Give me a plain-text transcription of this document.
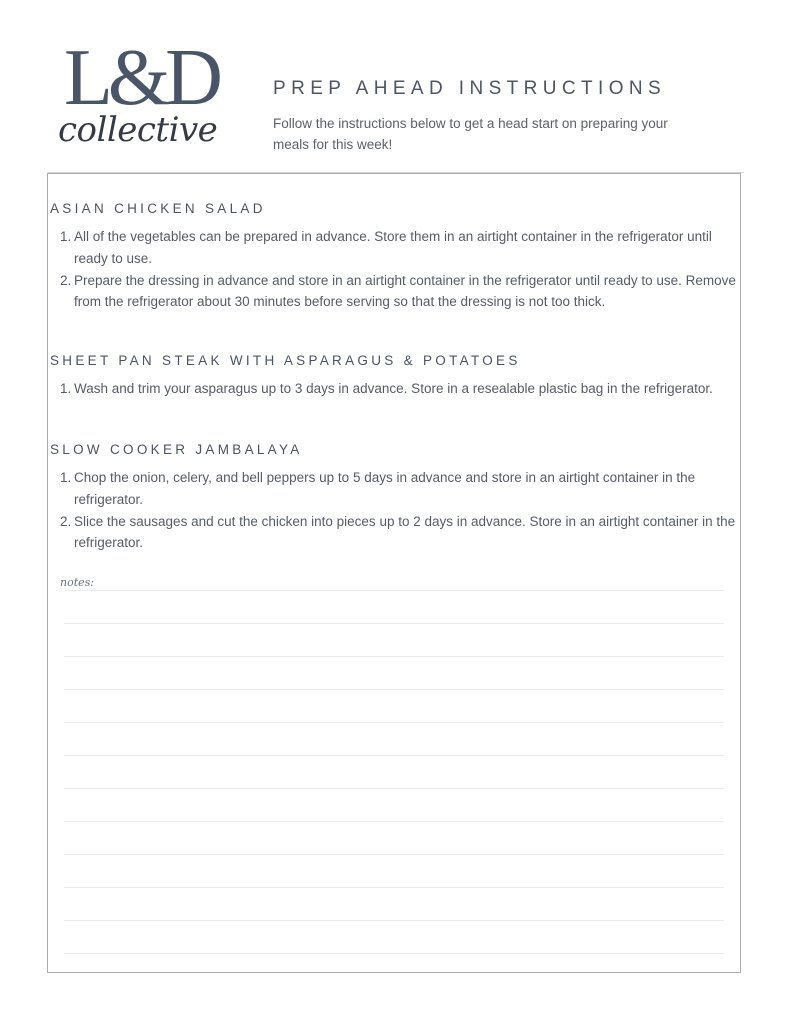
L&D

collective

PREP AHEAD INSTRUCTIONS

Follow the instructions below to get a head start on preparing your meals for this week!

ASIAN CHICKEN SALAD
1. All of the vegetables can be prepared in advance. Store them in an airtight container in the refrigerator until ready to use.
2. Prepare the dressing in advance and store in an airtight container in the refrigerator until ready to use. Remove from the refrigerator about 30 minutes before serving so that the dressing is not too thick.
SHEET PAN STEAK WITH ASPARAGUS & POTATOES
1. Wash and trim your asparagus up to 3 days in advance. Store in a resealable plastic bag in the refrigerator.
SLOW COOKER JAMBALAYA
1. Chop the onion, celery, and bell peppers up to 5 days in advance and store in an airtight container in the refrigerator.
2. Slice the sausages and cut the chicken into pieces up to 2 days in advance. Store in an airtight container in the refrigerator.

notes:
